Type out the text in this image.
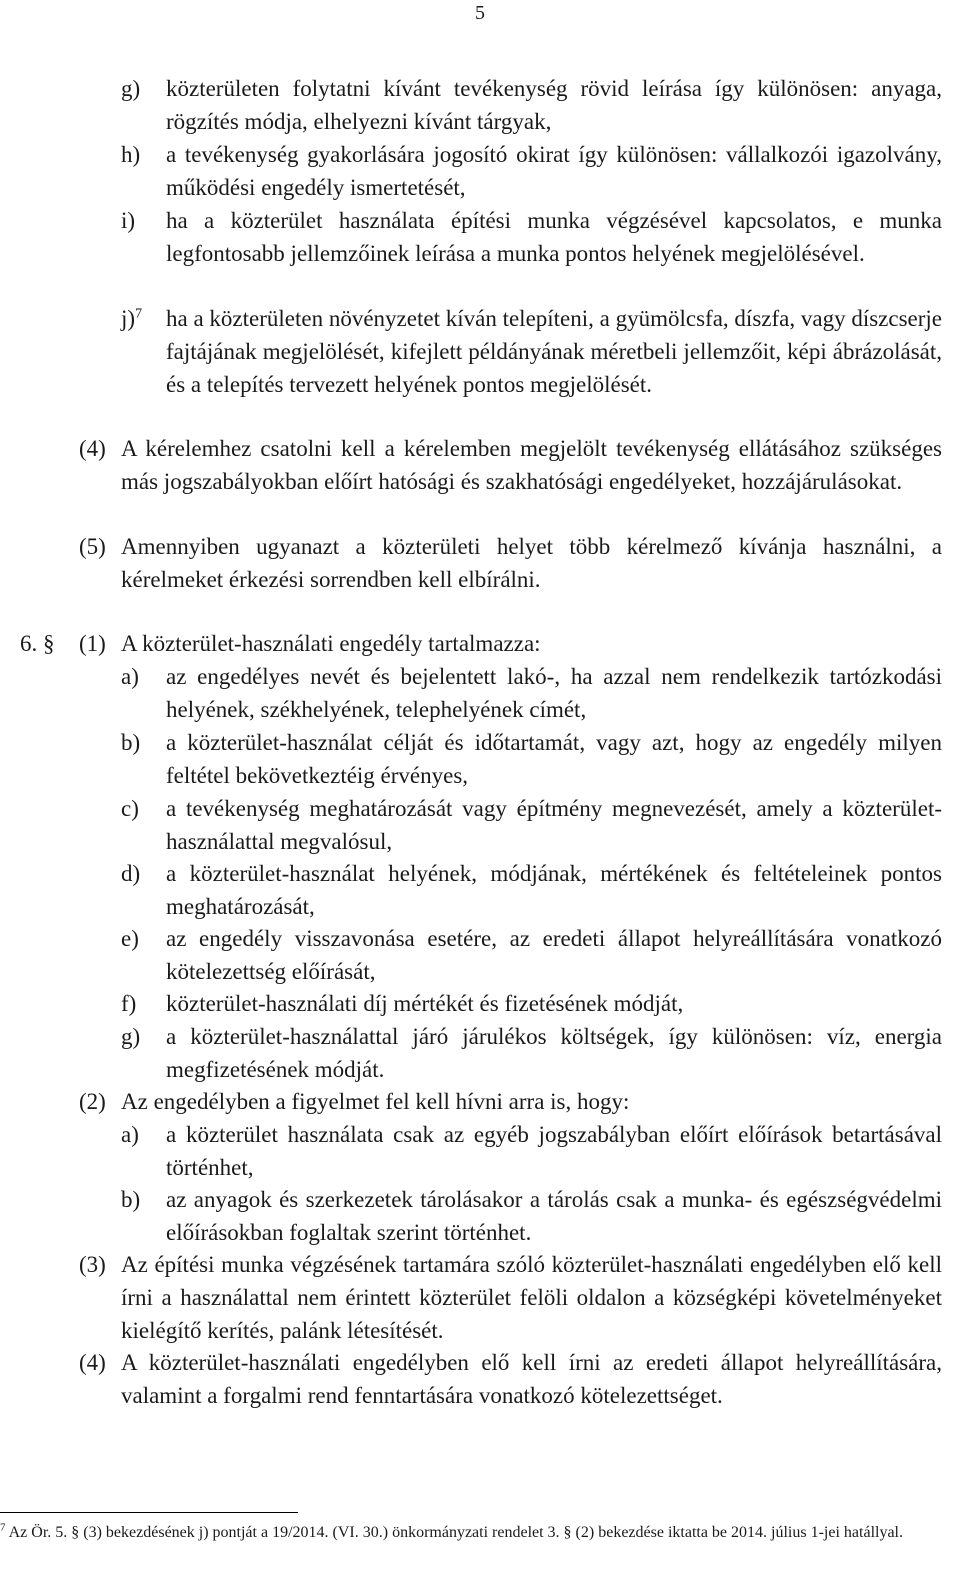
5
g) közterületen folytatni kívánt tevékenység rövid leírása így különösen: anyaga, rögzítés módja, elhelyezni kívánt tárgyak,
h) a tevékenység gyakorlására jogosító okirat így különösen: vállalkozói igazolvány, működési engedély ismertetését,
i) ha a közterület használata építési munka végzésével kapcsolatos, e munka legfontosabb jellemzőinek leírása a munka pontos helyének megjelölésével.
j)$^7$ ha a közterületen növényzetet kíván telepíteni, a gyümölcsfa, díszfa, vagy díszcserje fajtájának megjelölését, kifejlett példányának méretbeli jellemzőit, képi ábrázolását, és a telepítés tervezett helyének pontos megjelölését.
(4) A kérelemhez csatolni kell a kérelemben megjelölt tevékenység ellátásához szükséges más jogszabályokban előírt hatósági és szakhatósági engedélyeket, hozzájárulásokat.
(5) Amennyiben ugyanazt a közterületi helyet több kérelmező kívánja használni, a kérelmeket érkezési sorrendben kell elbírálni.
6. § (1) A közterület-használati engedély tartalmazza:
a) az engedélyes nevét és bejelentett lakó-, ha azzal nem rendelkezik tartózkodási helyének, székhelyének, telephelyének címét,
b) a közterület-használat célját és időtartamát, vagy azt, hogy az engedély milyen feltétel bekövetkeztéig érvényes,
c) a tevékenység meghatározását vagy építmény megnevezését, amely a közterület-használattal megvalósul,
d) a közterület-használat helyének, módjának, mértékének és feltételeinek pontos meghatározását,
e) az engedély visszavonása esetére, az eredeti állapot helyreállítására vonatkozó kötelezettség előírását,
f) közterület-használati díj mértékét és fizetésének módját,
g) a közterület-használattal járó járulékos költségek, így különösen: víz, energia megfizetésének módját.
(2) Az engedélyben a figyelmet fel kell hívni arra is, hogy:
a) a közterület használata csak az egyéb jogszabályban előírt előírások betartásával történhet,
b) az anyagok és szerkezetek tárolásakor a tárolás csak a munka- és egészségvédelmi előírásokban foglaltak szerint történhet.
(3) Az építési munka végzésének tartamára szóló közterület-használati engedélyben elő kell írni a használattal nem érintett közterület felöli oldalon a községképi követelményeket kielégítő kerítés, palánk létesítését.
(4) A közterület-használati engedélyben elő kell írni az eredeti állapot helyreállítására, valamint a forgalmi rend fenntartására vonatkozó kötelezettséget.
$^7$ Az Ör. 5. § (3) bekezdésének j) pontját a 19/2014. (VI. 30.) önkormányzati rendelet 3. § (2) bekezdése iktatta be 2014. július 1-jei hatállyal.
